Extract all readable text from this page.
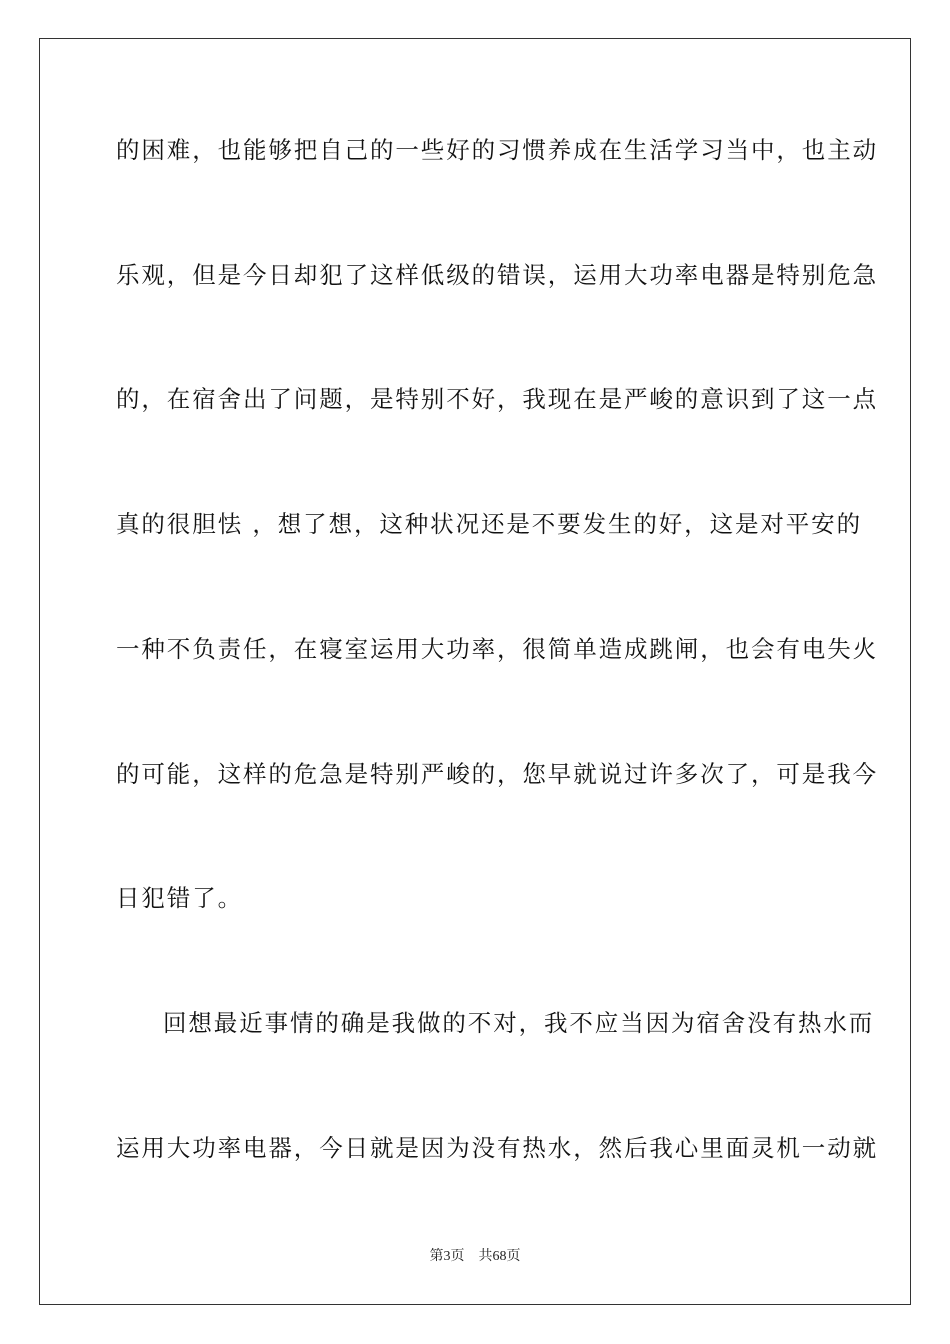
的困难，也能够把自己的一些好的习惯养成在生活学习当中，也主动
乐观，但是今日却犯了这样低级的错误，运用大功率电器是特别危急
的，在宿舍出了问题，是特别不好，我现在是严峻的意识到了这一点
真的很胆怯 ，想了想，这种状况还是不要发生的好，这是对平安的
一种不负责任，在寝室运用大功率，很简单造成跳闸，也会有电失火
的可能，这样的危急是特别严峻的，您早就说过许多次了，可是我今
日犯错了。
回想最近事情的确是我做的不对，我不应当因为宿舍没有热水而
运用大功率电器，今日就是因为没有热水，然后我心里面灵机一动就
第3页 共68页
